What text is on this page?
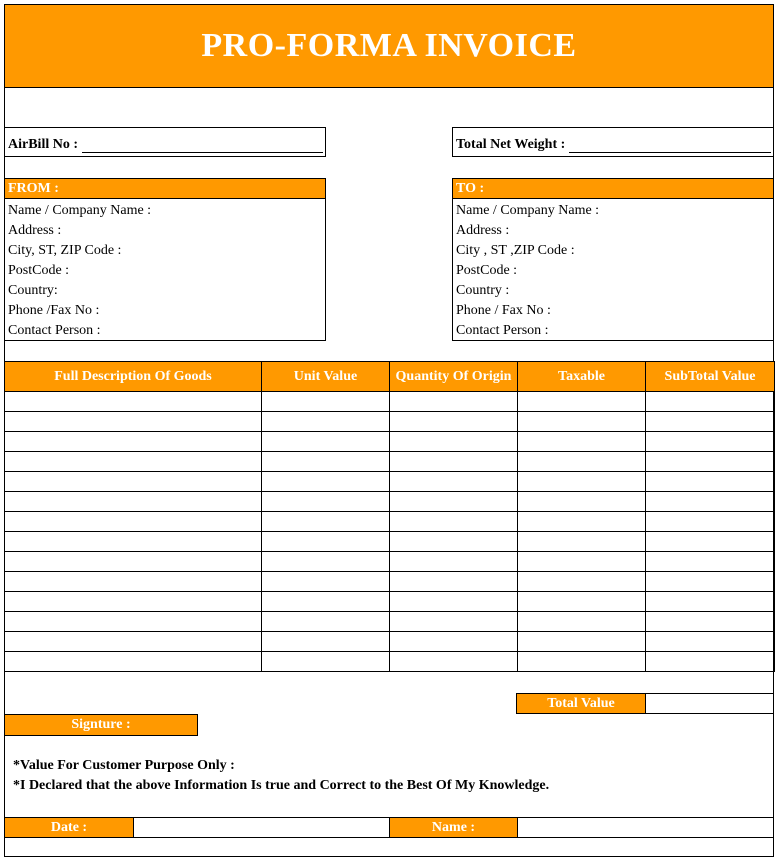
PRO-FORMA INVOICE
AirBill No :	Total Net Weight :
FROM :
Name / Company Name :
Address :
City, ST, ZIP Code :
PostCode :
Country:
Phone /Fax No :
Contact Person :
TO :
Name / Company Name :
Address :
City , ST ,ZIP Code :
PostCode :
Country :
Phone / Fax No :
Contact Person :
Full Description Of Goods	Unit Value	Quantity Of Origin	Taxable	SubTotal Value

Total Value
Signture :
*Value For Customer Purpose Only :
*I Declared that the above Information Is true and Correct to the Best Of My Knowledge.
Date :	Name :
